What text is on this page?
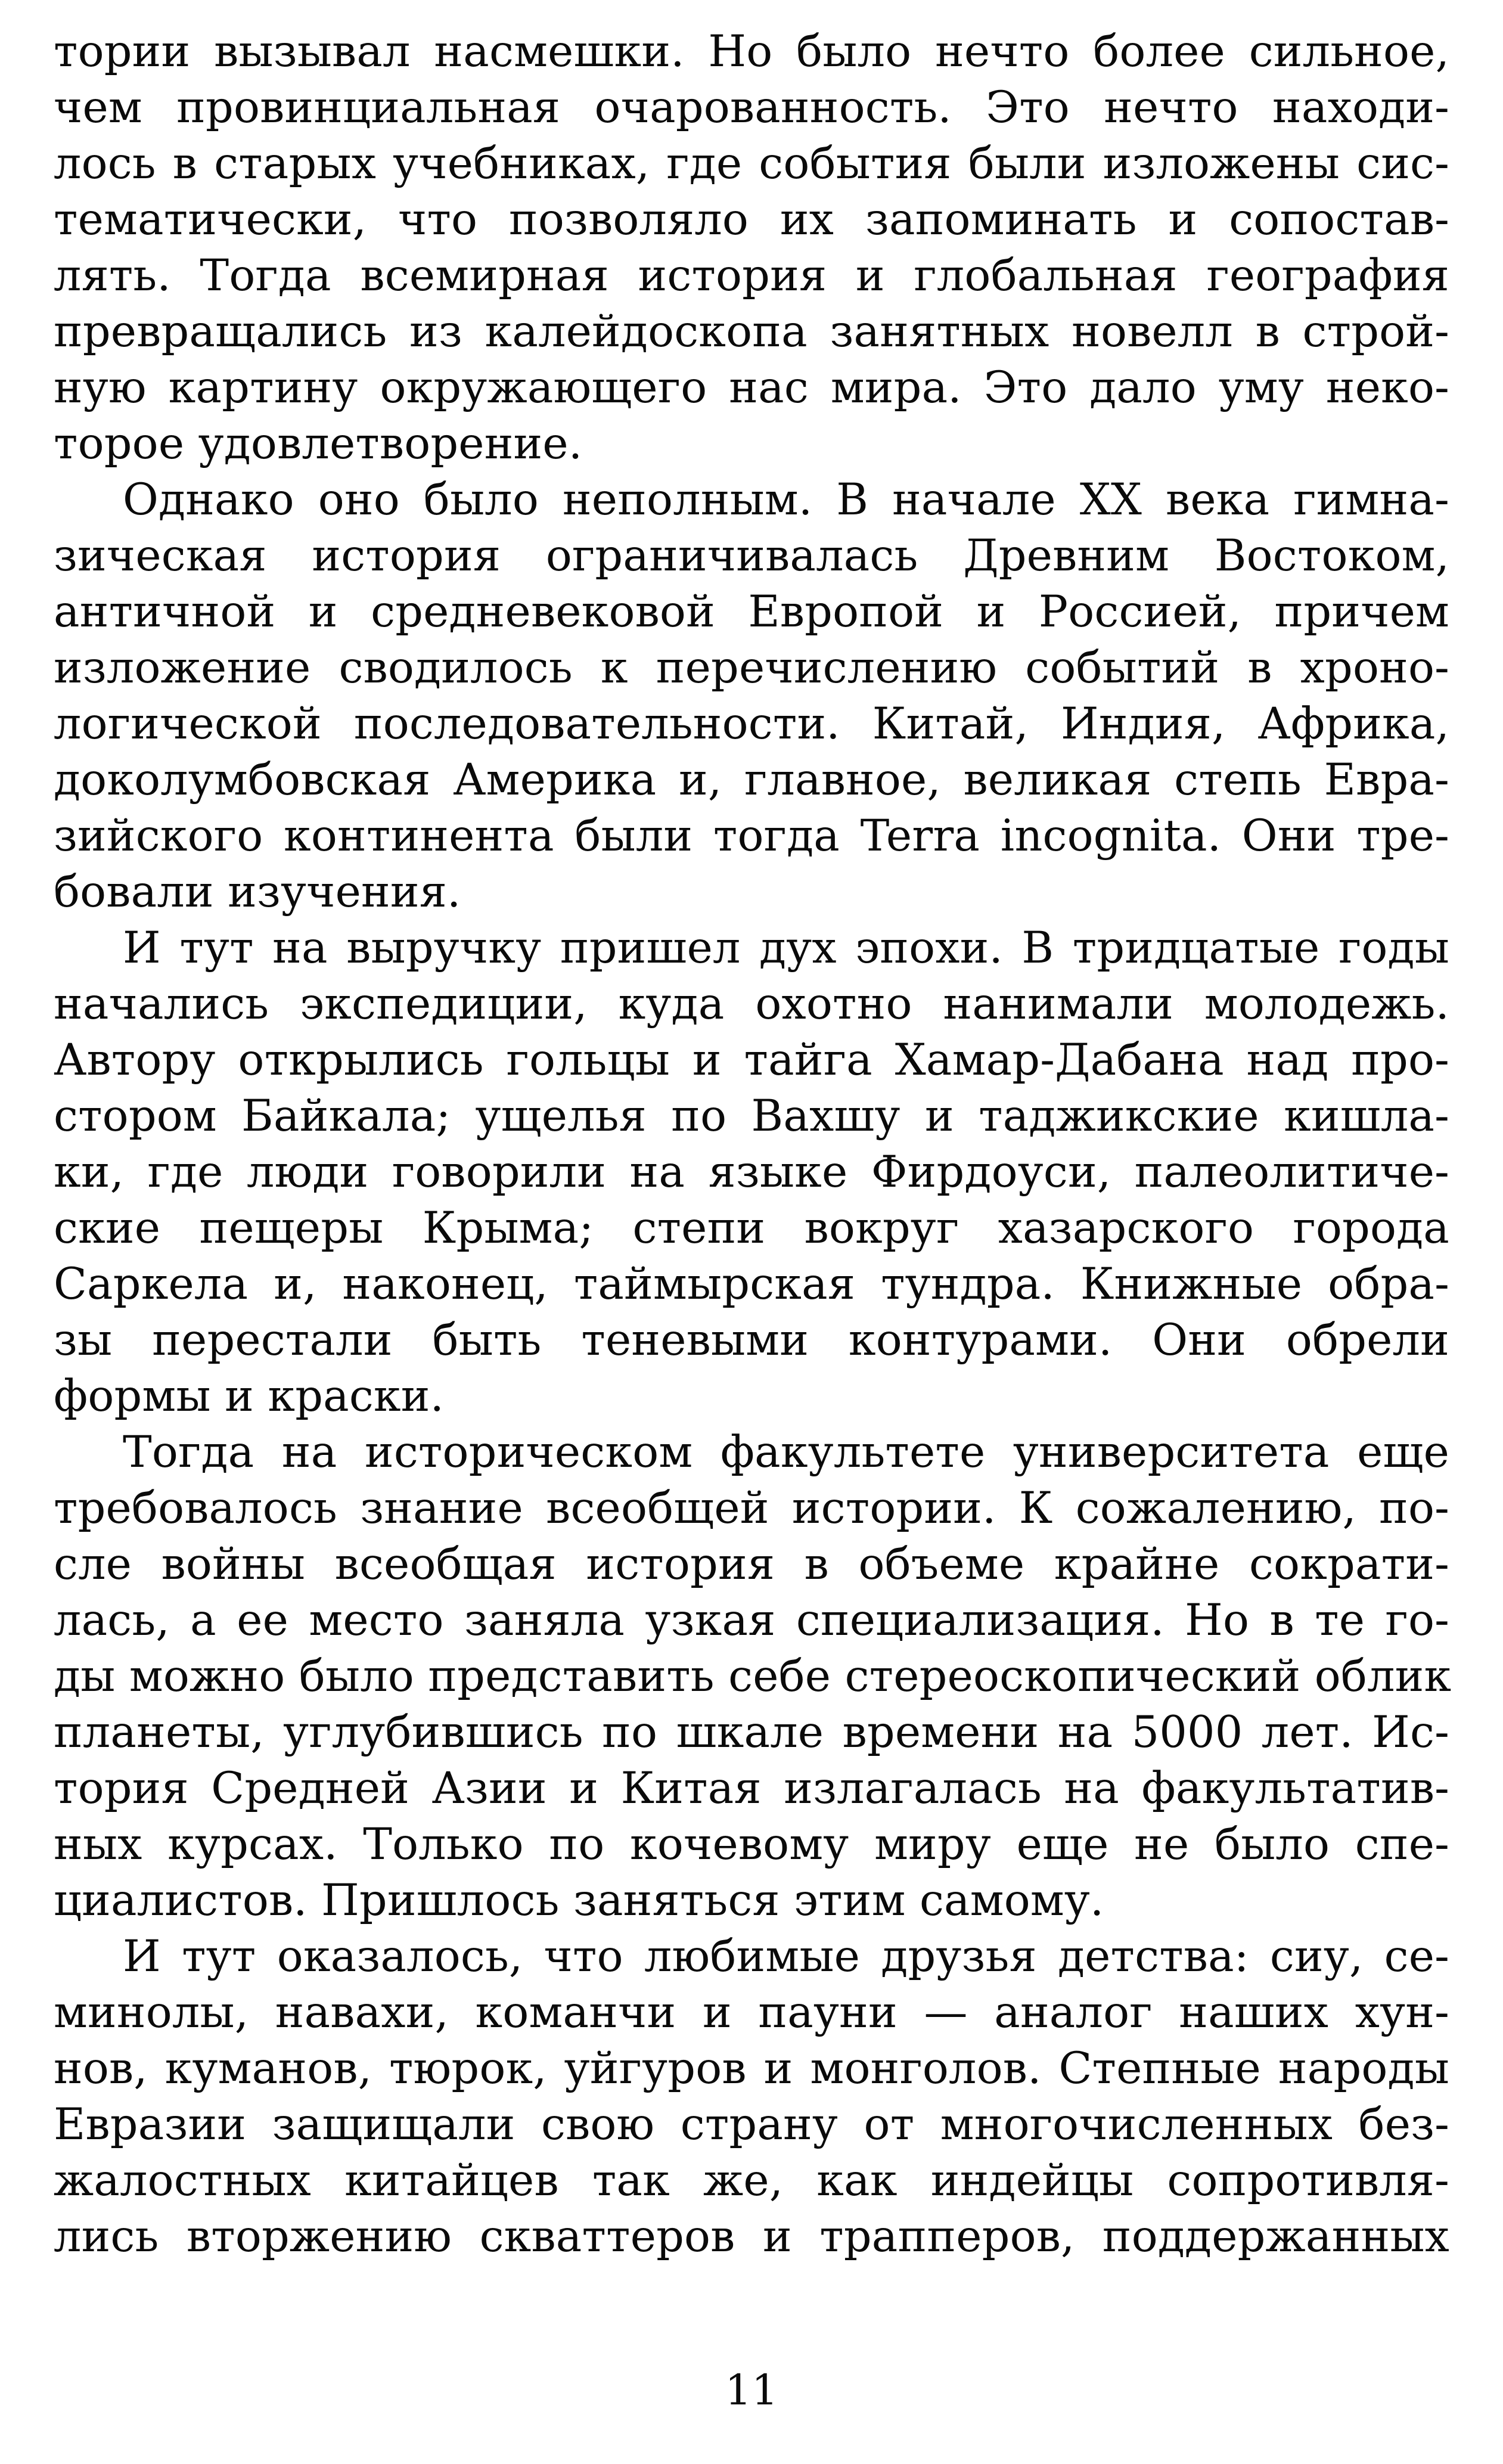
тории вызывал насмешки. Но было нечто более сильное,
чем провинциальная очарованность. Это нечто находи-
лось в старых учебниках, где события были изложены сис-
тематически, что позволяло их запоминать и сопостав-
лять. Тогда всемирная история и глобальная география
превращались из калейдоскопа занятных новелл в строй-
ную картину окружающего нас мира. Это дало уму неко-
торое удовлетворение.
Однако оно было неполным. В начале XX века гимна-
зическая история ограничивалась Древним Востоком,
античной и средневековой Европой и Россией, причем
изложение сводилось к перечислению событий в хроно-
логической последовательности. Китай, Индия, Африка,
доколумбовская Америка и, главное, великая степь Евра-
зийского континента были тогда Terra incognita. Они тре-
бовали изучения.
И тут на выручку пришел дух эпохи. В тридцатые годы
начались экспедиции, куда охотно нанимали молодежь.
Автору открылись гольцы и тайга Хамар-Дабана над про-
стором Байкала; ущелья по Вахшу и таджикские кишла-
ки, где люди говорили на языке Фирдоуси, палеолитиче-
ские пещеры Крыма; степи вокруг хазарского города
Саркела и, наконец, таймырская тундра. Книжные обра-
зы перестали быть теневыми контурами. Они обрели
формы и краски.
Тогда на историческом факультете университета еще
требовалось знание всеобщей истории. К сожалению, по-
сле войны всеобщая история в объеме крайне сократи-
лась, а ее место заняла узкая специализация. Но в те го-
ды можно было представить себе стереоскопический облик
планеты, углубившись по шкале времени на 5000 лет. Ис-
тория Средней Азии и Китая излагалась на факультатив-
ных курсах. Только по кочевому миру еще не было спе-
циалистов. Пришлось заняться этим самому.
И тут оказалось, что любимые друзья детства: сиу, се-
минолы, навахи, команчи и пауни — аналог наших хун-
нов, куманов, тюрок, уйгуров и монголов. Степные народы
Евразии защищали свою страну от многочисленных без-
жалостных китайцев так же, как индейцы сопротивля-
лись вторжению скваттеров и трапперов, поддержанных
11
